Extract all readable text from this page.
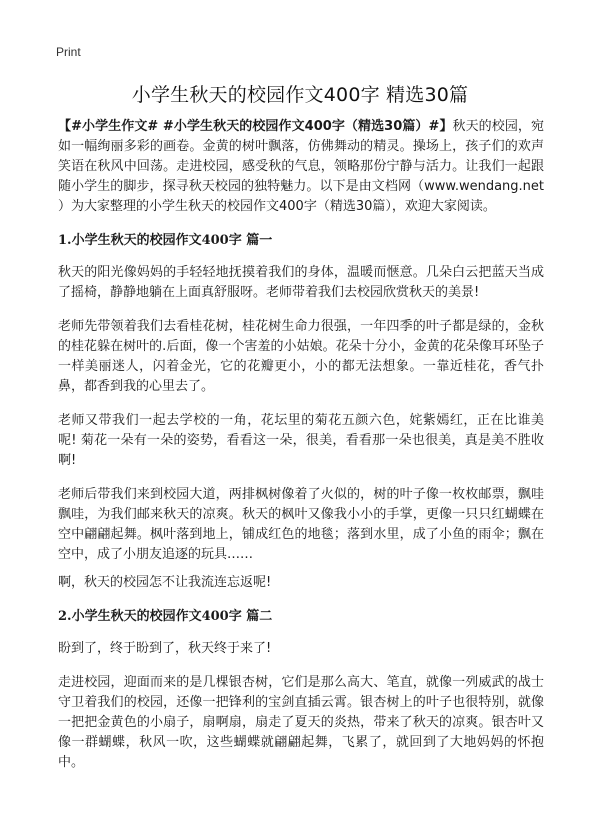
Print
小学生秋天的校园作文400字 精选30篇

【#小学生作文# #小学生秋天的校园作文400字（精选30篇）#】秋天的校园，宛如一幅绚丽多彩的画卷。金黄的树叶飘落，仿佛舞动的精灵。操场上，孩子们的欢声笑语在秋风中回荡。走进校园，感受秋的气息，领略那份宁静与活力。让我们一起跟随小学生的脚步，探寻秋天校园的独特魅力。以下是由文档网（www.wendang.net ）为大家整理的小学生秋天的校园作文400字（精选30篇），欢迎大家阅读。

1.小学生秋天的校园作文400字 篇一

秋天的阳光像妈妈的手轻轻地抚摸着我们的身体，温暖而惬意。几朵白云把蓝天当成了摇椅，静静地躺在上面真舒服呀。老师带着我们去校园欣赏秋天的美景!

老师先带领着我们去看桂花树，桂花树生命力很强，一年四季的叶子都是绿的，金秋的桂花躲在树叶的.后面，像一个害羞的小姑娘。花朵十分小，金黄的花朵像耳环坠子一样美丽迷人，闪着金光，它的花瓣更小，小的都无法想象。一靠近桂花，香气扑鼻，都香到我的心里去了。

老师又带我们一起去学校的一角，花坛里的菊花五颜六色，姹紫嫣红，正在比谁美呢! 菊花一朵有一朵的姿势，看看这一朵，很美，看看那一朵也很美，真是美不胜收啊!

老师后带我们来到校园大道，两排枫树像着了火似的，树的叶子像一枚枚邮票，飘哇飘哇，为我们邮来秋天的凉爽。秋天的枫叶又像我小小的手掌，更像一只只红蝴蝶在空中翩翩起舞。枫叶落到地上，铺成红色的地毯；落到水里，成了小鱼的雨伞；飘在空中，成了小朋友追逐的玩具……

啊，秋天的校园怎不让我流连忘返呢!

2.小学生秋天的校园作文400字 篇二

盼到了，终于盼到了，秋天终于来了!

走进校园，迎面而来的是几棵银杏树，它们是那么高大、笔直，就像一列威武的战士守卫着我们的校园，还像一把锋利的宝剑直插云霄。银杏树上的叶子也很特别，就像一把把金黄色的小扇子，扇啊扇，扇走了夏天的炎热，带来了秋天的凉爽。银杏叶又像一群蝴蝶，秋风一吹，这些蝴蝶就翩翩起舞，飞累了，就回到了大地妈妈的怀抱中。
